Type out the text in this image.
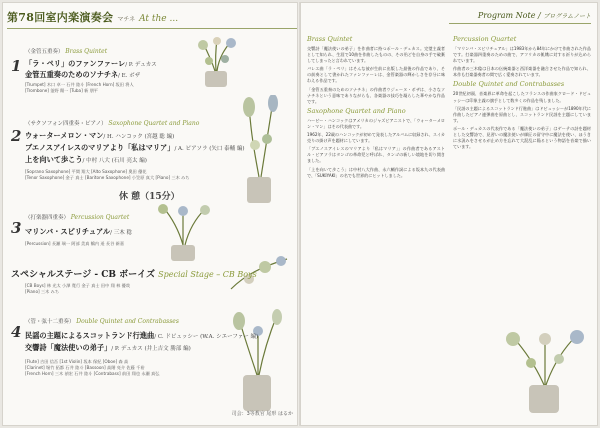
第78回室内楽演奏会 マチネ At the ...
1
（金管五重奏） Brass Quintet
「ラ・ペリ」のファンファーレ/ P. デュカス
金管五重奏のためのソナチネ/ E. ボザ
[Trumpet] 木口 卓一 石井 陸斗 [French Horn] 坂田 将人
[Trombone] 釜野 陽一 [Tuba] 新 朋平
2
（サクソフォン四重奏・ピアノ） Saxophone Quartet and Piano
ウォーターメロン・マン/ H. ハンコック (宮越 聡 編)
ブエノスアイレスのマリアより「私はマリア」/ A. ピアソラ (矢口 泰輔 編)
上を向いて歩こう/ 中村 八大 (石川 亮太 編)
[Soprano Saxophone] 平間 翔大 [Alto Saxophone] 奥田 優花
[Tenor Saxophone] 金子 真士 [Baritone Saxophone] 小笠原 真大 [Piano] 三木 みち
休 憩（15分）
3
（打楽器四重奏） Percussion Quartet
マリンバ・スピリチュアル/ 三木 稔
[Percussion] 長瀬 瑞一 阿部 美真 鶴内 遥 長谷 新嘉
スペシャルステージ - CB ボーイズ Special Stage – CB Boys
[CB Boys] 林 光太 小澤 寛行 金子 真士 田中 翔 林 優哉
[Piano] 三木 みち
4
（管・弦十二重奏） Double Quintet and Contrabasses
民謡の主題によるスコットランド行進曲/ C. ドビュッシー (W.A. シエーファー 編)
交響詩「魔法使いの弟子」/ P. デュカス (井上吉文 勝部 編)
[Flute] 吉田 信吾 [1st Violin] 坂本 保紀 [Oboe] 森 高
[Clarinet] 堀竹 拓都 石井 陸斗 [Bassoon] 高階 亮介 佐藤 千裕
[French Horn] 三木 禎宏 石井 陸斗 [Contrabass] 前田 翔也 永瀬 真弘
司会：3等教官 尾形 はるか
Program Note / プログラムノート
Brass Quintet
交響詩「魔法使いの弟子」を作曲者に持つポール・デュカス。完璧主義者として知られ、生涯で10曲を作曲したものの、その殆どを自身の手で破棄してしまったと言われています。
バレエ曲「ラ・ペリ」はそんな彼が生前に出版した最後の作品であり、その前奏として書かれたファンファーレは、金管楽器の輝かしさを存分に味わえる作品です。
「金管五重奏のためのソナチネ」の作曲者ウジェーヌ・ボザは、小さなソナチネという意味でありながらも、各楽器の技巧を凝らした華やかな作品です。
Saxophone Quartet and Piano
ハービー・ハンコックはアメリカのジャズピアニストで、「ウォーターメロン・マン」はその代表曲です。
1962年、22歳のハンコックが初めて発表したアルバムに収録され、スイカ売りの掛け声を題材にしています。
「ブエノスアイレスのマリアより「私はマリア」」の作曲者であるアストル・ピアソラはタンゴの革命児と呼ばれ、タンゴの新しい境地を切り開きました。
「上を向いて歩こう」は中村八大作曲、永六輔作詞による坂本九の代表曲で、「SUKIYAKI」の名でも世界的にヒットしました。
Percussion Quartet
「マリンバ・スピリチュアル」は1983年から84年にかけて作曲された作品です。打楽器四重奏のための曲で、アフリカの飢餓に対する祈りが込められています。
作曲者の三木稔は日本の伝統楽器と西洋楽器を融合させた作品で知られ、本作も打楽器奏者の間で広く愛奏されています。
Double Quintet and Contrabasses
20世紀初頭、音楽界に革命を起こしたフランスの作曲家クロード・ドビュッシーは印象主義の旗手として数多くの作品を残しました。
「民謡の主題によるスコットランド行進曲」はドビュッシーが1890年代に作曲したピアノ連弾曲を原曲とし、スコットランド民謡を主題にしています。
ポール・デュカスの代表作である「魔法使いの弟子」はゲーテの詩を題材とした交響詩で、見習いの魔法使いが師匠の留守中に魔法を使い、ほうきに水汲みをさせるが止め方を忘れて大混乱に陥るという物語を音楽で描いています。
